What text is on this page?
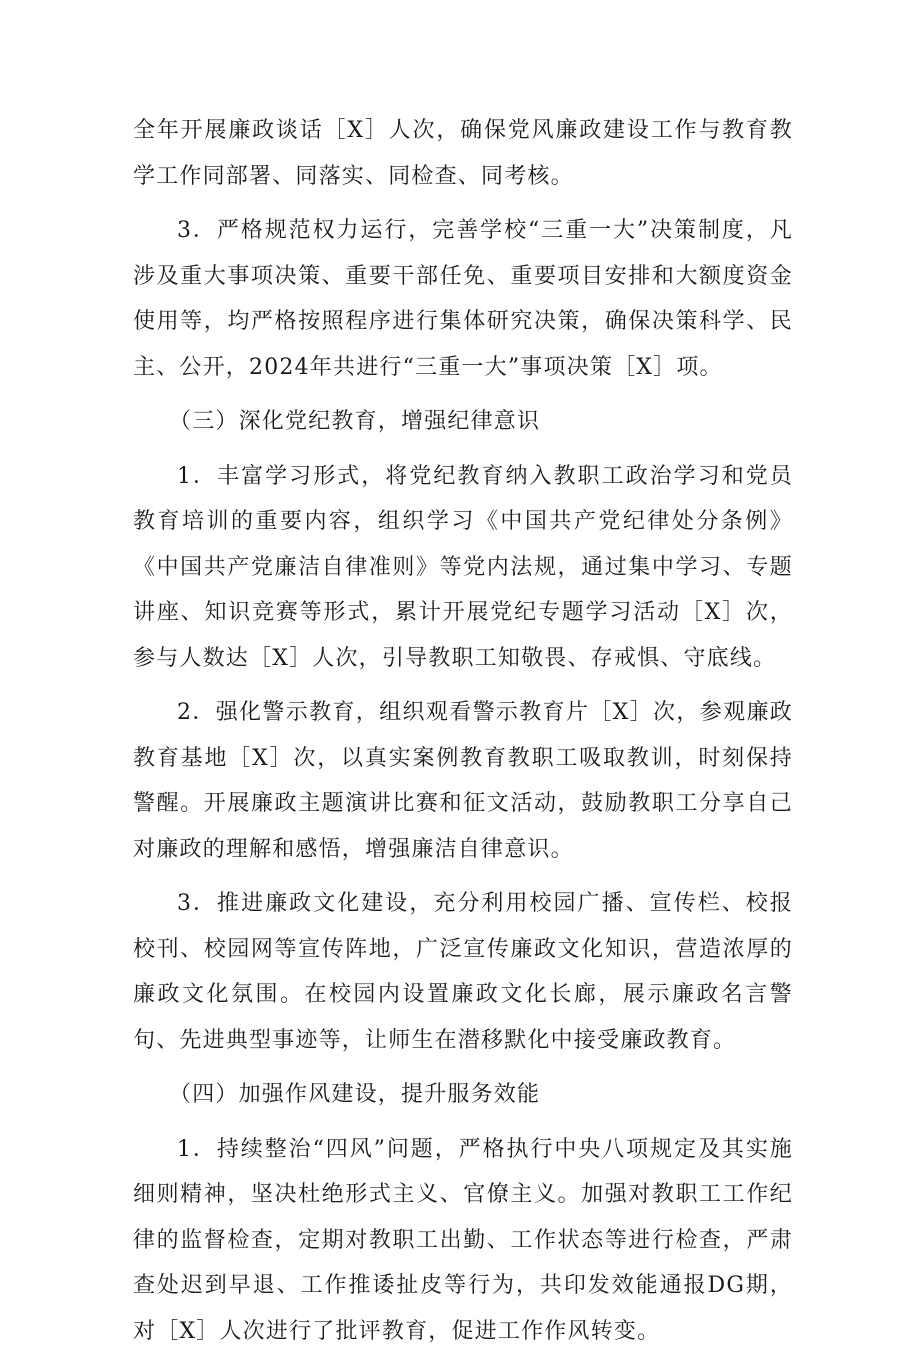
全年开展廉政谈话［X］人次，确保党风廉政建设工作与教育教学工作同部署、同落实、同检查、同考核。

3．严格规范权力运行，完善学校“三重一大”决策制度，凡涉及重大事项决策、重要干部任免、重要项目安排和大额度资金使用等，均严格按照程序进行集体研究决策，确保决策科学、民主、公开，2024年共进行“三重一大”事项决策［X］项。

（三）深化党纪教育，增强纪律意识

1．丰富学习形式，将党纪教育纳入教职工政治学习和党员教育培训的重要内容，组织学习《中国共产党纪律处分条例》《中国共产党廉洁自律准则》等党内法规，通过集中学习、专题讲座、知识竞赛等形式，累计开展党纪专题学习活动［X］次，参与人数达［X］人次，引导教职工知敬畏、存戒惧、守底线。

2．强化警示教育，组织观看警示教育片［X］次，参观廉政教育基地［X］次，以真实案例教育教职工吸取教训，时刻保持警醒。开展廉政主题演讲比赛和征文活动，鼓励教职工分享自己对廉政的理解和感悟，增强廉洁自律意识。

3．推进廉政文化建设，充分利用校园广播、宣传栏、校报校刊、校园网等宣传阵地，广泛宣传廉政文化知识，营造浓厚的廉政文化氛围。在校园内设置廉政文化长廊，展示廉政名言警句、先进典型事迹等，让师生在潜移默化中接受廉政教育。

（四）加强作风建设，提升服务效能

1．持续整治“四风”问题，严格执行中央八项规定及其实施细则精神，坚决杜绝形式主义、官僚主义。加强对教职工工作纪律的监督检查，定期对教职工出勤、工作状态等进行检查，严肃查处迟到早退、工作推诿扯皮等行为，共印发效能通报DG期，对［X］人次进行了批评教育，促进工作作风转变。
